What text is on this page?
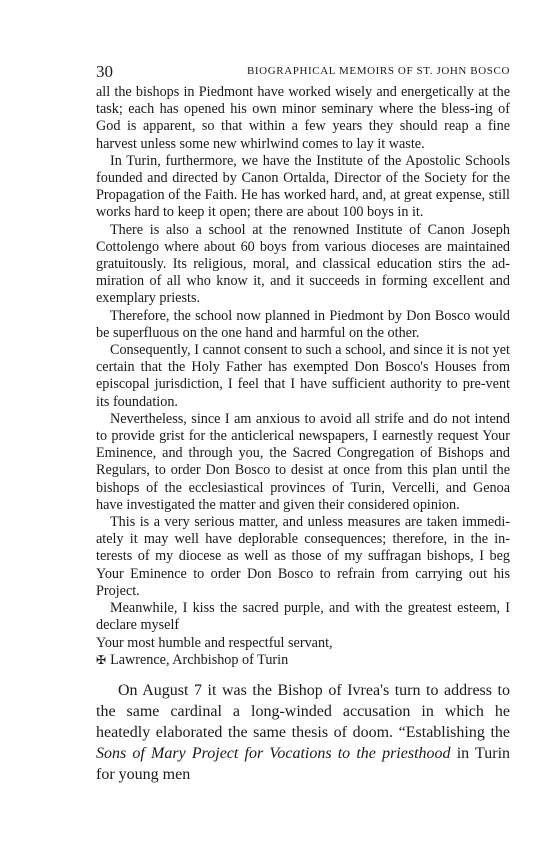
30	BIOGRAPHICAL MEMOIRS OF ST. JOHN BOSCO

all the bishops in Piedmont have worked wisely and energetically at the task; each has opened his own minor seminary where the bless-ing of God is apparent, so that within a few years they should reap a fine harvest unless some new whirlwind comes to lay it waste.

In Turin, furthermore, we have the Institute of the Apostolic Schools founded and directed by Canon Ortalda, Director of the Society for the Propagation of the Faith. He has worked hard, and, at great expense, still works hard to keep it open; there are about 100 boys in it.

There is also a school at the renowned Institute of Canon Joseph Cottolengo where about 60 boys from various dioceses are maintained gratuitously. Its religious, moral, and classical education stirs the ad-miration of all who know it, and it succeeds in forming excellent and exemplary priests.

Therefore, the school now planned in Piedmont by Don Bosco would be superfluous on the one hand and harmful on the other.

Consequently, I cannot consent to such a school, and since it is not yet certain that the Holy Father has exempted Don Bosco's Houses from episcopal jurisdiction, I feel that I have sufficient authority to pre-vent its foundation.

Nevertheless, since I am anxious to avoid all strife and do not intend to provide grist for the anticlerical newspapers, I earnestly request Your Eminence, and through you, the Sacred Congregation of Bishops and Regulars, to order Don Bosco to desist at once from this plan until the bishops of the ecclesiastical provinces of Turin, Vercelli, and Genoa have investigated the matter and given their considered opinion.

This is a very serious matter, and unless measures are taken immedi-ately it may well have deplorable consequences; therefore, in the in-terests of my diocese as well as those of my suffragan bishops, I beg Your Eminence to order Don Bosco to refrain from carrying out his Project.

Meanwhile, I kiss the sacred purple, and with the greatest esteem, I declare myself

Your most humble and respectful servant,

✠ Lawrence, Archbishop of Turin

On August 7 it was the Bishop of Ivrea's turn to address to the same cardinal a long-winded accusation in which he heatedly elaborated the same thesis of doom. “Establishing the Sons of Mary Project for Vocations to the priesthood in Turin for young men
